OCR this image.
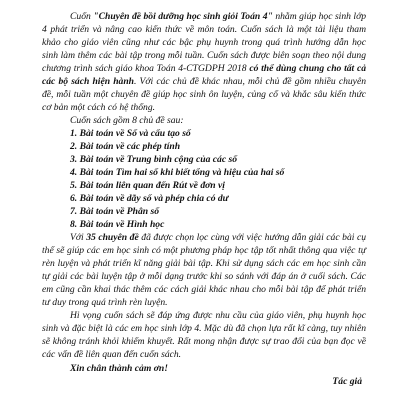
Cuốn "Chuyên đề bồi dưỡng học sinh giỏi Toán 4" nhằm giúp học sinh lớp 4 phát triển và nâng cao kiến thức về môn toán. Cuốn sách là một tài liệu tham khảo cho giáo viên cũng như các bậc phụ huynh trong quá trình hướng dẫn học sinh làm thêm các bài tập trong mỗi tuần. Cuốn sách được biên soạn theo nội dung chương trình sách giáo khoa Toán 4-CTGDPH 2018 có thể dùng chung cho tất cả các bộ sách hiện hành. Với các chủ đề khác nhau, mỗi chủ đề gồm nhiều chuyên đề, mỗi tuần một chuyên đề giúp học sinh ôn luyện, củng cố và khắc sâu kiến thức cơ bản một cách có hệ thống.

Cuốn sách gồm 8 chủ đề sau:

1. Bài toán về Số và cấu tạo số
2. Bài toán về các phép tính
3. Bài toán về Trung bình cộng của các số
4. Bài toán Tìm hai số khi biết tổng và hiệu của hai số
5. Bài toán liên quan đến Rút về đơn vị
6. Bài toán về dãy số và phép chia có dư
7. Bài toán về Phân số
8. Bài toán về Hình học

Với 35 chuyên đề đã được chọn lọc cùng với việc hướng dẫn giải các bài cụ thể sẽ giúp các em học sinh có một phương pháp học tập tốt nhất thông qua việc tự rèn luyện và phát triển kĩ năng giải bài tập. Khi sử dụng sách các em học sinh cần tự giải các bài luyện tập ở mỗi dạng trước khi so sánh với đáp án ở cuối sách. Các em cũng cần khai thác thêm các cách giải khác nhau cho mỗi bài tập để phát triển tư duy trong quá trình rèn luyện.

Hi vọng cuốn sách sẽ đáp ứng được nhu cầu của giáo viên, phụ huynh học sinh và đặc biệt là các em học sinh lớp 4. Mặc dù đã chọn lựa rất kĩ càng, tuy nhiên sẽ không tránh khỏi khiếm khuyết. Rất mong nhận được sự trao đổi của bạn đọc về các vấn đề liên quan đến cuốn sách.

Xin chân thành cảm ơn!

Tác giả
